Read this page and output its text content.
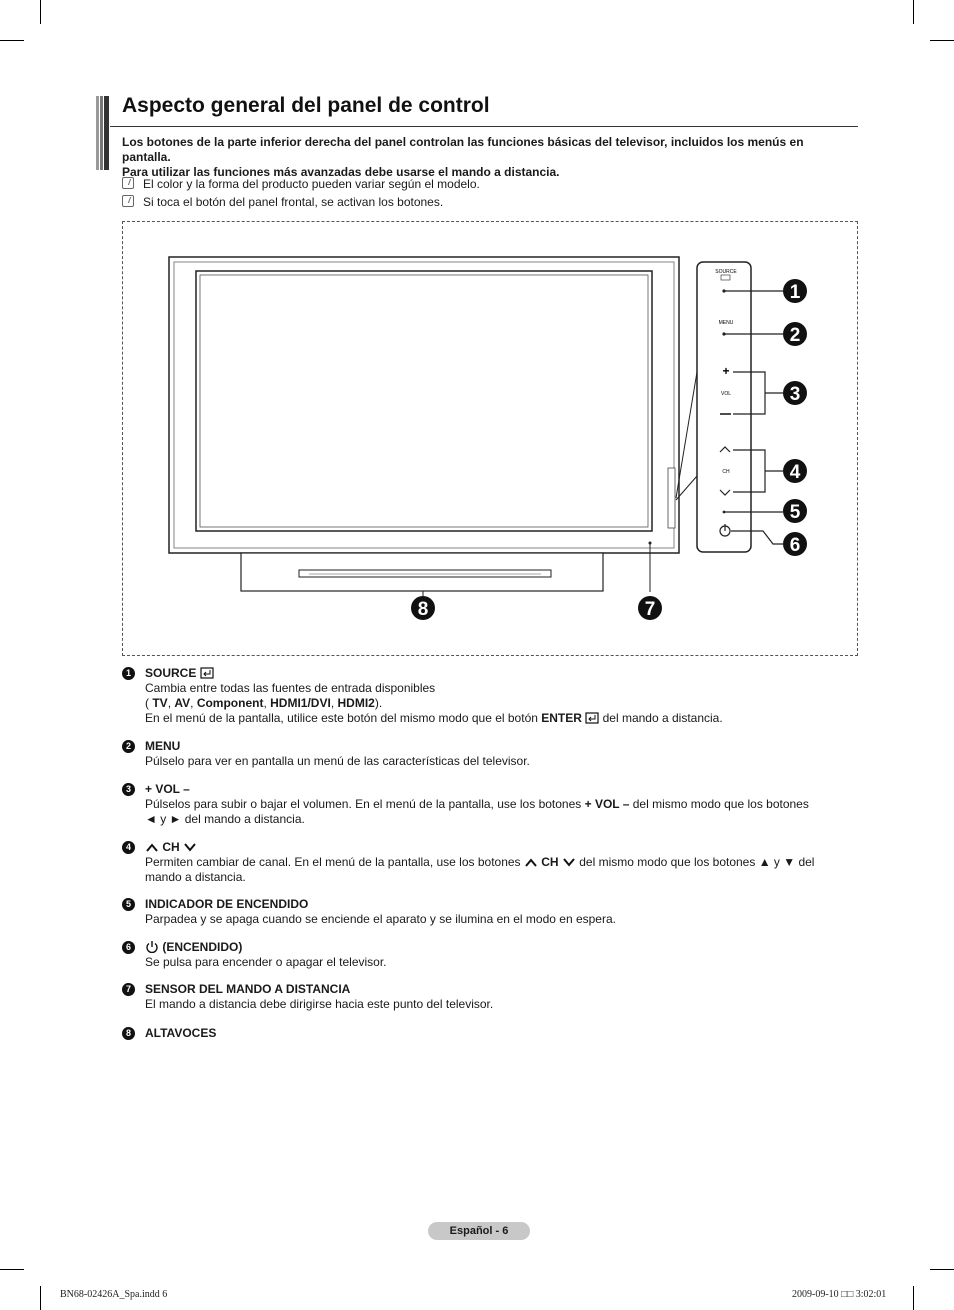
Aspecto general del panel de control

Los botones de la parte inferior derecha del panel controlan las funciones básicas del televisor, incluidos los menús en pantalla.
Para utilizar las funciones más avanzadas debe usarse el mando a distancia.

El color y la forma del producto pueden variar según el modelo.
Si toca el botón del panel frontal, se activan los botones.
SOURCE
MENU
+
VOL
CH
1
2
3
4
5
6
7
8
1	SOURCE
Cambia entre todas las fuentes de entrada disponibles
( TV, AV, Component, HDMI1/DVI, HDMI2).
En el menú de la pantalla, utilice este botón del mismo modo que el botón ENTER  del mando a distancia.
2	MENU
Púlselo para ver en pantalla un menú de las características del televisor.
3	+ VOL –
Púlselos para subir o bajar el volumen. En el menú de la pantalla, use los botones + VOL – del mismo modo que los botones
◄ y ► del mando a distancia.
4	CH
Permiten cambiar de canal. En el menú de la pantalla, use los botones  CH  del mismo modo que los botones ▲ y ▼ del
mando a distancia.
5	INDICADOR DE ENCENDIDO
Parpadea y se apaga cuando se enciende el aparato y se ilumina en el modo en espera.
6	(ENCENDIDO)
Se pulsa para encender o apagar el televisor.
7	SENSOR DEL MANDO A DISTANCIA
El mando a distancia debe dirigirse hacia este punto del televisor.
8	ALTAVOCES
Español - 6
BN68-02426A_Spa.indd 6	2009-09-10 □□ 3:02:01
